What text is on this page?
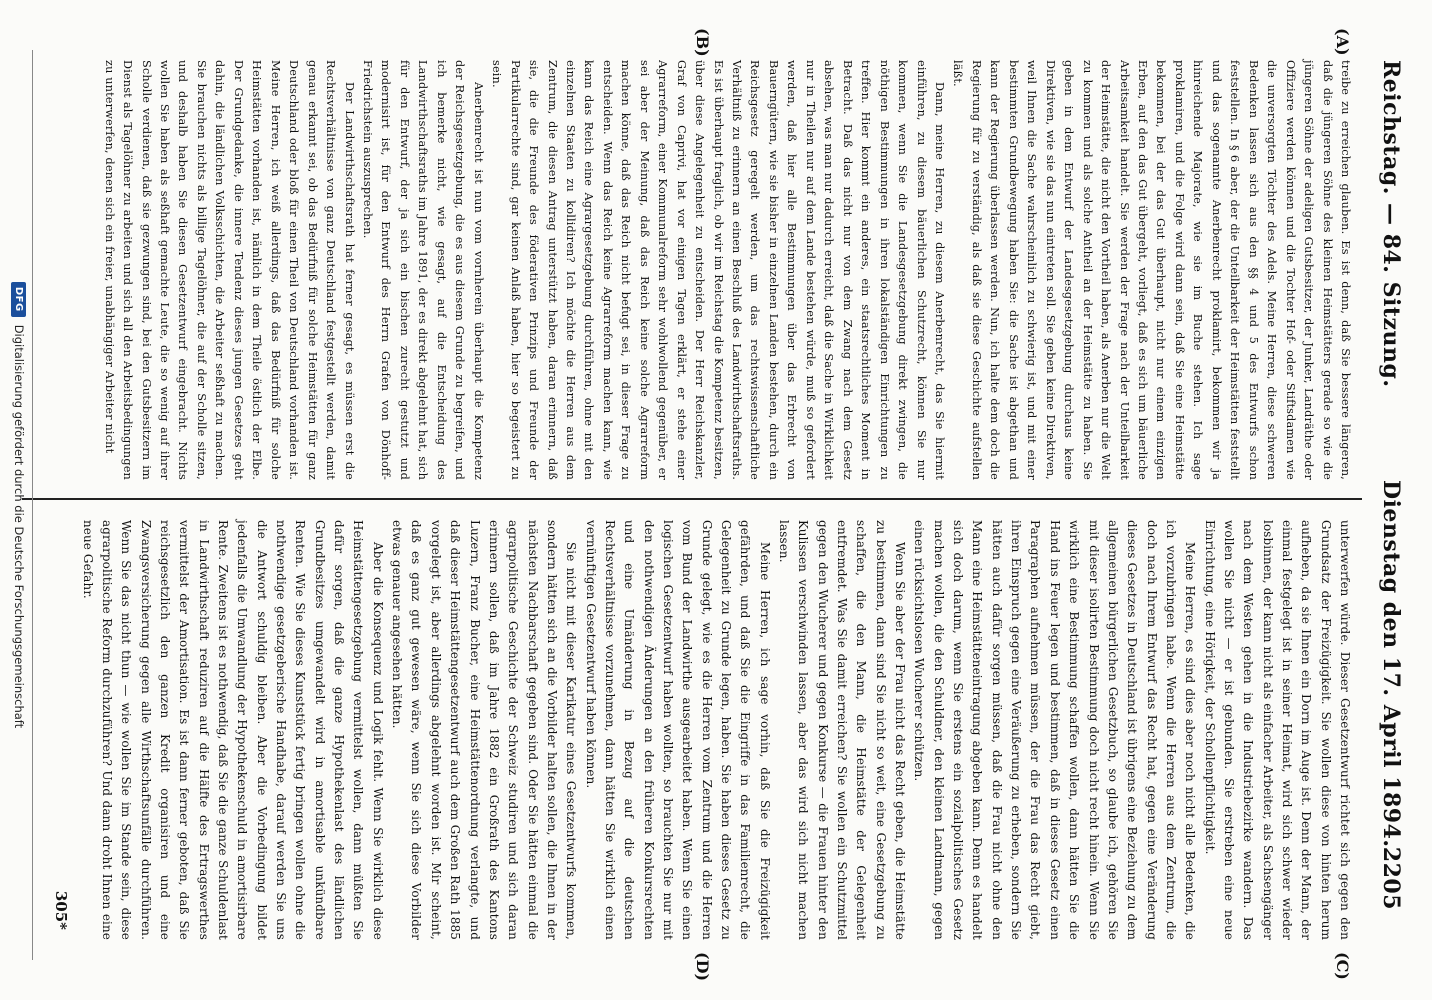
Reichstag. — 84. Sitzung.
Dienstag den 17. April 1894.
2205
(A)
(B)
(C)
(D)

treibe zu erreichen glauben. Es ist denn, daß Sie bessere längeren, daß die jüngeren Söhne des kleinen Heimstätters gerade so wie die jüngeren Söhne der adeligen Gutsbesitzer, der Junker, Landräthe oder Offiziere werden können und die Tochter Hof- oder Stiftsdamen wie die unversorgten Töchter des Adels. Meine Herren, diese schweren Bedenken lassen sich aus den §§ 4 und 5 des Entwurfs schon feststellen. In § 6 aber, der die Unteilbarkeit der Heimstätten feststellt und das sogenannte Anerbenrecht proklamirt, bekommen wir ja hinreichende Majorate, wie sie im Buche stehen. Ich sage proklamiren, und die Folge wird dann sein, daß Sie eine Heimstätte bekommen, bei der das Gut überhaupt, nicht nur einem einzigen Erben, auf den das Gut übergeht, vorliegt, daß es sich um bäuerliche Arbeitsamkeit handelt. Sie werden der Frage nach der Unteilbarkeit der Heimstätte, die nicht den Vortheil haben, als Anerben nur die Welt zu kommen und als solche Antheil an der Heimstätte zu haben. Sie geben in dem Entwurf der Landesgesetzgebung durchaus keine Direktiven, wie sie das nun eintreten soll. Sie geben keine Direktiven, weil Ihnen die Sache wahrscheinlich zu schwierig ist, und mit einer bestimmten Grundbewegung haben Sie: die Sache ist abgethan und kann der Regierung überlassen werden. Nun, ich halte dem doch die Regierung für zu verständig, als daß sie diese Geschichte aufstellen läßt.

Dann, meine Herren, zu diesem Anerbenrecht, das Sie hiermit einführen, zu diesem bäuerlichen Schutzrecht, können Sie nur kommen, wenn Sie die Landesgesetzgebung direkt zwingen, die nöthigen Bestimmungen in ihren lokalständigen Einrichtungen zu treffen. Hier kommt ein anderes, ein staatsrechtliches Moment in Betracht. Daß das nicht nur von dem Zwang nach dem Gesetz absehen, was man nur dadurch erreicht, daß die Sache in Wirklichkeit nur in Theilen nur auf dem Lande bestehen würde, muß so gefordert werden, daß hier alle Bestimmungen über das Erbrecht von Bauerngütern, wie sie bisher in einzelnen Landen bestehen, durch ein Reichsgesetz geregelt werden, um das rechtswissenschaftliche Verhältniß zu erinnern an einen Beschluß des Landwirthschaftsraths. Es ist überhaupt fraglich, ob wir im Reichstag die Kompetenz besitzen, über diese Angelegenheit zu entscheiden. Der Herr Reichskanzler, Graf von Caprivi, hat vor einigen Tagen erklärt, er stehe einer Agrarreform, einer Kommunalreform sehr wohlwollend gegenüber, er sei aber der Meinung, daß das Reich keine solche Agrarreform machen könne, daß das Reich nicht befugt sei, in dieser Frage zu entscheiden. Wenn das Reich keine Agrarreform machen kann, wie kann das Reich eine Agrargesetzgebung durchführen, ohne mit den einzelnen Staaten zu kollidiren? Ich möchte die Herren aus dem Zentrum, die diesen Antrag unterstützt haben, daran erinnern, daß sie, die die Freunde des föderativen Prinzips und Freunde der Partikularrechte sind, gar keinen Anlaß haben, hier so begeistert zu sein.

Anerbenrecht ist nun vom vornherein überhaupt die Kompetenz der Reichsgesetzgebung, die es aus diesem Grunde zu begreifen, und ich bemerke nicht, wie gesagt, auf die Entscheidung des Landwirthschaftsraths im Jahre 1891, der es direkt abgelehnt hat, sich für den Entwurf, der ja sich ein bischen zurecht gestutzt und modernisirt ist, für den Entwurf des Herrn Grafen von Dönhoff-Friedrichstein auszusprechen.

Der Landwirthschaftsrath hat ferner gesagt, es müssen erst die Rechtsverhältnisse von ganz Deutschland festgestellt werden, damit genau erkannt sei, ob das Bedürfniß für solche Heimstätten für ganz Deutschland oder bloß für einen Theil von Deutschland vorhanden ist. Meine Herren, ich weiß allerdings, daß das Bedürfniß für solche Heimstätten vorhanden ist, nämlich in dem Theile östlich der Elbe. Der Grundgedanke, die innere Tendenz dieses jungen Gesetzes geht dahin, die ländlichen Volksschichten, die Arbeiter seßhaft zu machen. Sie brauchen nichts als billige Tagelöhner, die auf der Scholle sitzen, und deshalb haben Sie diesen Gesetzentwurf eingebracht. Nichts wollen Sie haben als seßhaft gemachte Leute, die so wenig auf ihrer Scholle verdienen, daß sie gezwungen sind, bei den Gutsbesitzern im Dienst als Tagelöhner zu arbeiten und sich all den Arbeitsbedingungen zu unterwerfen, denen sich ein freier, unabhängiger Arbeiter nicht

unterwerfen würde. Dieser Gesetzentwurf richtet sich gegen den Grundsatz der Freizügigkeit. Sie wollen diese von hinten herum aufheben, da sie Ihnen ein Dorn im Auge ist. Denn der Mann, der einmal festgelegt ist in seiner Heimat, wird sich schwer wieder losbinnen, der kann nicht als einfacher Arbeiter, als Sachsengänger nach dem Westen gehen in die Industriebezirke wandern. Das wollen Sie nicht — er ist gebunden. Sie erstreben eine neue Einrichtung, eine Hörigkeit, der Schollenpflichtigkeit.

Meine Herren, es sind dies aber noch nicht alle Bedenken, die ich vorzubringen habe. Wenn die Herren aus dem Zentrum, die doch nach Ihrem Entwurf das Recht hat, gegen eine Veränderung dieses Gesetzes in Deutschland ist übrigens eine Beziehung zu dem allgemeinen bürgerlichen Gesetzbuch, so glaube ich, gehören Sie mit dieser isolirten Bestimmung doch nicht recht hinein. Wenn Sie wirklich eine Bestimmung schaffen wollen, dann hätten Sie die Hand ins Feuer legen und bestimmen, daß in dieses Gesetz einen Paragraphen aufnehmen müssen, der die Frau das Recht giebt, ihren Einspruch gegen eine Veräußerung zu erheben, sondern Sie hätten auch dafür sorgen müssen, daß die Frau nicht ohne den Mann eine Heimstätteneintragung abgeben kann. Denn es handelt sich doch darum, wenn Sie erstens ein sozialpolitisches Gesetz machen wollen, die den Schuldner, den kleinen Landmann, gegen einen rücksichtslosen Wucherer schützen.

Wenn Sie aber der Frau nicht das Recht geben, die Heimstätte zu bestimmen, dann sind Sie nicht so weit, eine Gesetzgebung zu schaffen, die den Mann, die Heimstätte der Gelegenheit entfremdet. Was Sie damit erreichen? Sie wollen ein Schutzmittel gegen den Wucherer und gegen Konkurse — die Frauen hinter den Kulissen verschwinden lassen, aber das wird sich nicht machen lassen.

Meine Herren, ich sage vorhin, daß Sie die Freizügigkeit gefährden, und daß Sie die Eingriffe in das Familienrecht, die Gelegenheit zu Grunde legen, haben. Sie haben dieses Gesetz zu Grunde gelegt, wie es die Herren vom Zentrum und die Herren vom Bund der Landwirthe ausgearbeitet haben. Wenn Sie einen logischen Gesetzentwurf haben wollten, so brauchten Sie nur mit den nothwendigen Änderungen an den früheren Konkursrechten und eine Umänderung in Bezug auf die deutschen Rechtsverhältnisse vorzunehmen, dann hätten Sie wirklich einen vernünftigen Gesetzentwurf haben können.

Sie nicht mit dieser Karikatur eines Gesetzentwurfs kommen, sondern hätten sich an die Vorbilder halten sollen, die Ihnen in der nächsten Nachbarschaft gegeben sind. Oder Sie hätten einmal die agrarpolitische Geschichte der Schweiz studiren und sich daran erinnern sollen, daß im Jahre 1882 ein Großrath des Kantons Luzern, Franz Bucher, eine Heimstättenordnung verlangte, und daß dieser Heimstättengesetzentwurf auch dem Großen Rath 1885 vorgelegt ist, aber allerdings abgelehnt worden ist. Mir scheint, daß es ganz gut gewesen wäre, wenn Sie sich diese Vorbilder etwas genauer angesehen hätten.

Aber die Konsequenz und Logik fehlt. Wenn Sie wirklich diese Heimstättengesetzgebung vermittelst wollen, dann müßten Sie dafür sorgen, daß die ganze Hypothekenlast des ländlichen Grundbesitzes umgewandelt wird in amortisable unkündbare Renten. Wie Sie dieses Kunststück fertig bringen wollen ohne die nothwendige gesetzgeberische Handhabe, darauf werden Sie uns die Antwort schuldig bleiben. Aber die Vorbedingung bildet jedenfalls die Umwandlung der Hypothekenschuld in amortisirbare Rente. Zweitens ist es nothwendig, daß Sie die ganze Schuldenlast in Landwirthschaft reduziren auf die Hälfte des Ertragswerthes vermittelst der Amortisation. Es ist dann ferner geboten, daß Sie reichsgesetzlich den ganzen Kredit organisiren und eine Zwangsversicherung gegen alle Wirthschaftsunfälle durchführen. Wenn Sie das nicht thun — wie wollen Sie im Stande sein, diese agrarpolitische Reform durchzuführen? Und dann droht Ihnen eine neue Gefahr.

305*
DFG
Digitalisierung gefördert durch die Deutsche Forschungsgemeinschaft
